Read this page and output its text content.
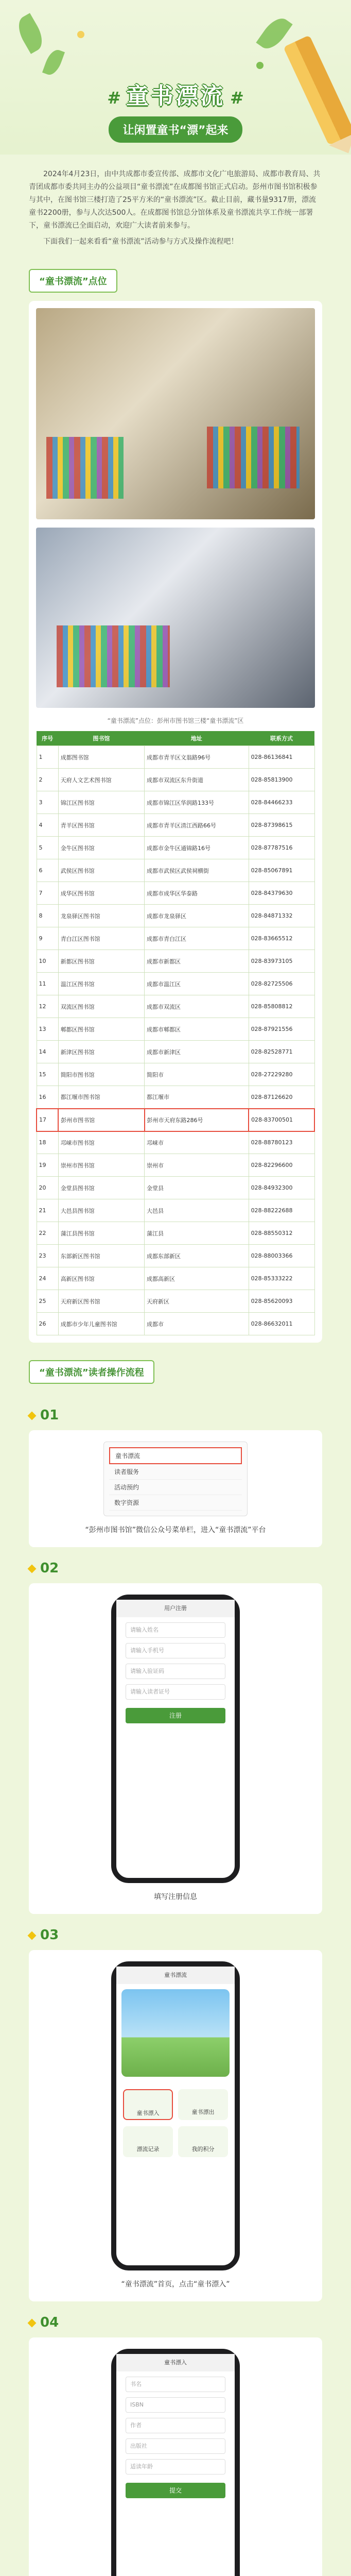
# 童书漂流 #
让闲置童书“漂”起来

2024年4月23日，由中共成都市委宣传部、成都市文化广电旅游局、成都市教育局、共青团成都市委共同主办的公益项目“童书漂流”在成都图书馆正式启动。彭州市图书馆积极参与其中，在图书馆三楼打造了25平方米的“童书漂流”区。截止目前，藏书量9317册，漂流童书2200册，参与人次达500人。在成都图书馆总分馆体系及童书漂流共享工作统一部署下，童书漂流已全面启动，欢迎广大读者前来参与。

下面我们一起来看看“童书漂流”活动参与方式及操作流程吧！

“童书漂流”点位
“童书漂流”点位：彭州市图书馆三楼“童书漂流”区
序号	图书馆	地址	联系方式
1	成都图书馆	成都市青羊区文翁路96号	028-86136841
2	天府人文艺术图书馆	成都市双流区东升街道	028-85813900
3	锦江区图书馆	成都市锦江区华润路133号	028-84466233
4	青羊区图书馆	成都市青羊区清江西路66号	028-87398615
5	金牛区图书馆	成都市金牛区通锦路16号	028-87787516
6	武侯区图书馆	成都市武侯区武侯祠横街	028-85067891
7	成华区图书馆	成都市成华区华泰路	028-84379630
8	龙泉驿区图书馆	成都市龙泉驿区	028-84871332
9	青白江区图书馆	成都市青白江区	028-83665512
10	新都区图书馆	成都市新都区	028-83973105
11	温江区图书馆	成都市温江区	028-82725506
12	双流区图书馆	成都市双流区	028-85808812
13	郫都区图书馆	成都市郫都区	028-87921556
14	新津区图书馆	成都市新津区	028-82528771
15	简阳市图书馆	简阳市	028-27229280
16	都江堰市图书馆	都江堰市	028-87126620
17	彭州市图书馆	彭州市天府东路286号	028-83700501
18	邛崃市图书馆	邛崃市	028-88780123
19	崇州市图书馆	崇州市	028-82296600
20	金堂县图书馆	金堂县	028-84932300
21	大邑县图书馆	大邑县	028-88222688
22	蒲江县图书馆	蒲江县	028-88550312
23	东部新区图书馆	成都东部新区	028-88003366
24	高新区图书馆	成都高新区	028-85333222
25	天府新区图书馆	天府新区	028-85620093
26	成都市少年儿童图书馆	成都市	028-86632011
“童书漂流”读者操作流程
01
童书漂流
读者服务
活动预约
数字资源
“彭州市图书馆”微信公众号菜单栏，进入“童书漂流”平台
02
用户注册
请输入姓名
请输入手机号
请输入验证码
请输入读者证号
注册
填写注册信息
03
童书漂流
童书漂入	童书漂出
漂流记录	我的积分
“童书漂流”首页，点击“童书漂入”
04
童书漂入
书名
ISBN
作者
出版社
适读年龄
提交
